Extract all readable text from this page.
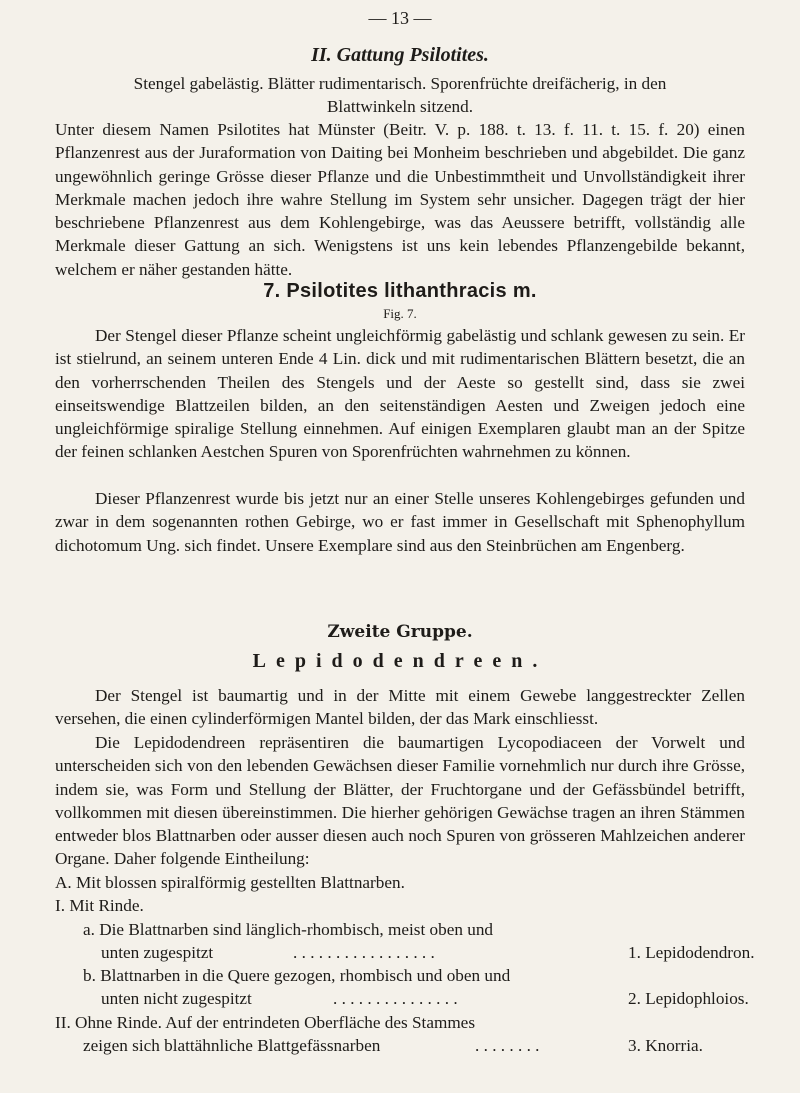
— 13 —
II. Gattung Psilotites.
Stengel gabelästig. Blätter rudimentarisch. Sporenfrüchte dreifächerig, in den
Blattwinkeln sitzend.
Unter diesem Namen Psilotites hat Münster (Beitr. V. p. 188. t. 13. f. 11. t. 15. f. 20) einen Pflanzenrest aus der Juraformation von Daiting bei Monheim beschrieben und abgebildet. Die ganz ungewöhnlich geringe Grösse dieser Pflanze und die Unbestimmtheit und Unvollständigkeit ihrer Merkmale machen jedoch ihre wahre Stellung im System sehr unsicher. Dagegen trägt der hier beschriebene Pflanzenrest aus dem Kohlengebirge, was das Aeussere betrifft, vollständig alle Merkmale dieser Gattung an sich. Wenigstens ist uns kein lebendes Pflanzengebilde bekannt, welchem er näher gestanden hätte.
7. Psilotites lithanthracis m.
Fig. 7.
Der Stengel dieser Pflanze scheint ungleichförmig gabelästig und schlank gewesen zu sein. Er ist stielrund, an seinem unteren Ende 4 Lin. dick und mit rudimentarischen Blättern besetzt, die an den vorherrschenden Theilen des Stengels und der Aeste so gestellt sind, dass sie zwei einseitswendige Blattzeilen bilden, an den seitenständigen Aesten und Zweigen jedoch eine ungleichförmige spiralige Stellung einnehmen. Auf einigen Exemplaren glaubt man an der Spitze der feinen schlanken Aestchen Spuren von Sporenfrüchten wahrnehmen zu können.
Dieser Pflanzenrest wurde bis jetzt nur an einer Stelle unseres Kohlengebirges gefunden und zwar in dem sogenannten rothen Gebirge, wo er fast immer in Gesellschaft mit Sphenophyllum dichotomum Ung. sich findet. Unsere Exemplare sind aus den Steinbrüchen am Engenberg.
Zweite Gruppe.
Lepidodendreen.
Der Stengel ist baumartig und in der Mitte mit einem Gewebe langgestreckter Zellen versehen, die einen cylinderförmigen Mantel bilden, der das Mark einschliesst.
Die Lepidodendreen repräsentiren die baumartigen Lycopodiaceen der Vorwelt und unterscheiden sich von den lebenden Gewächsen dieser Familie vornehmlich nur durch ihre Grösse, indem sie, was Form und Stellung der Blätter, der Fruchtorgane und der Gefässbündel betrifft, vollkommen mit diesen übereinstimmen. Die hierher gehörigen Gewächse tragen an ihren Stämmen entweder blos Blattnarben oder ausser diesen auch noch Spuren von grösseren Mahlzeichen anderer Organe. Daher folgende Eintheilung:
A. Mit blossen spiralförmig gestellten Blattnarben.
I. Mit Rinde.
a. Die Blattnarben sind länglich-rhombisch, meist oben und
unten zugespitzt	. . . . . . . . . . . . . . . . .	1. Lepidodendron.
b. Blattnarben in die Quere gezogen, rhombisch und oben und
unten nicht zugespitzt	. . . . . . . . . . . . . . .	2. Lepidophloios.
II. Ohne Rinde. Auf der entrindeten Oberfläche des Stammes
zeigen sich blattähnliche Blattgefässnarben	. . . . . . . .	3. Knorria.
